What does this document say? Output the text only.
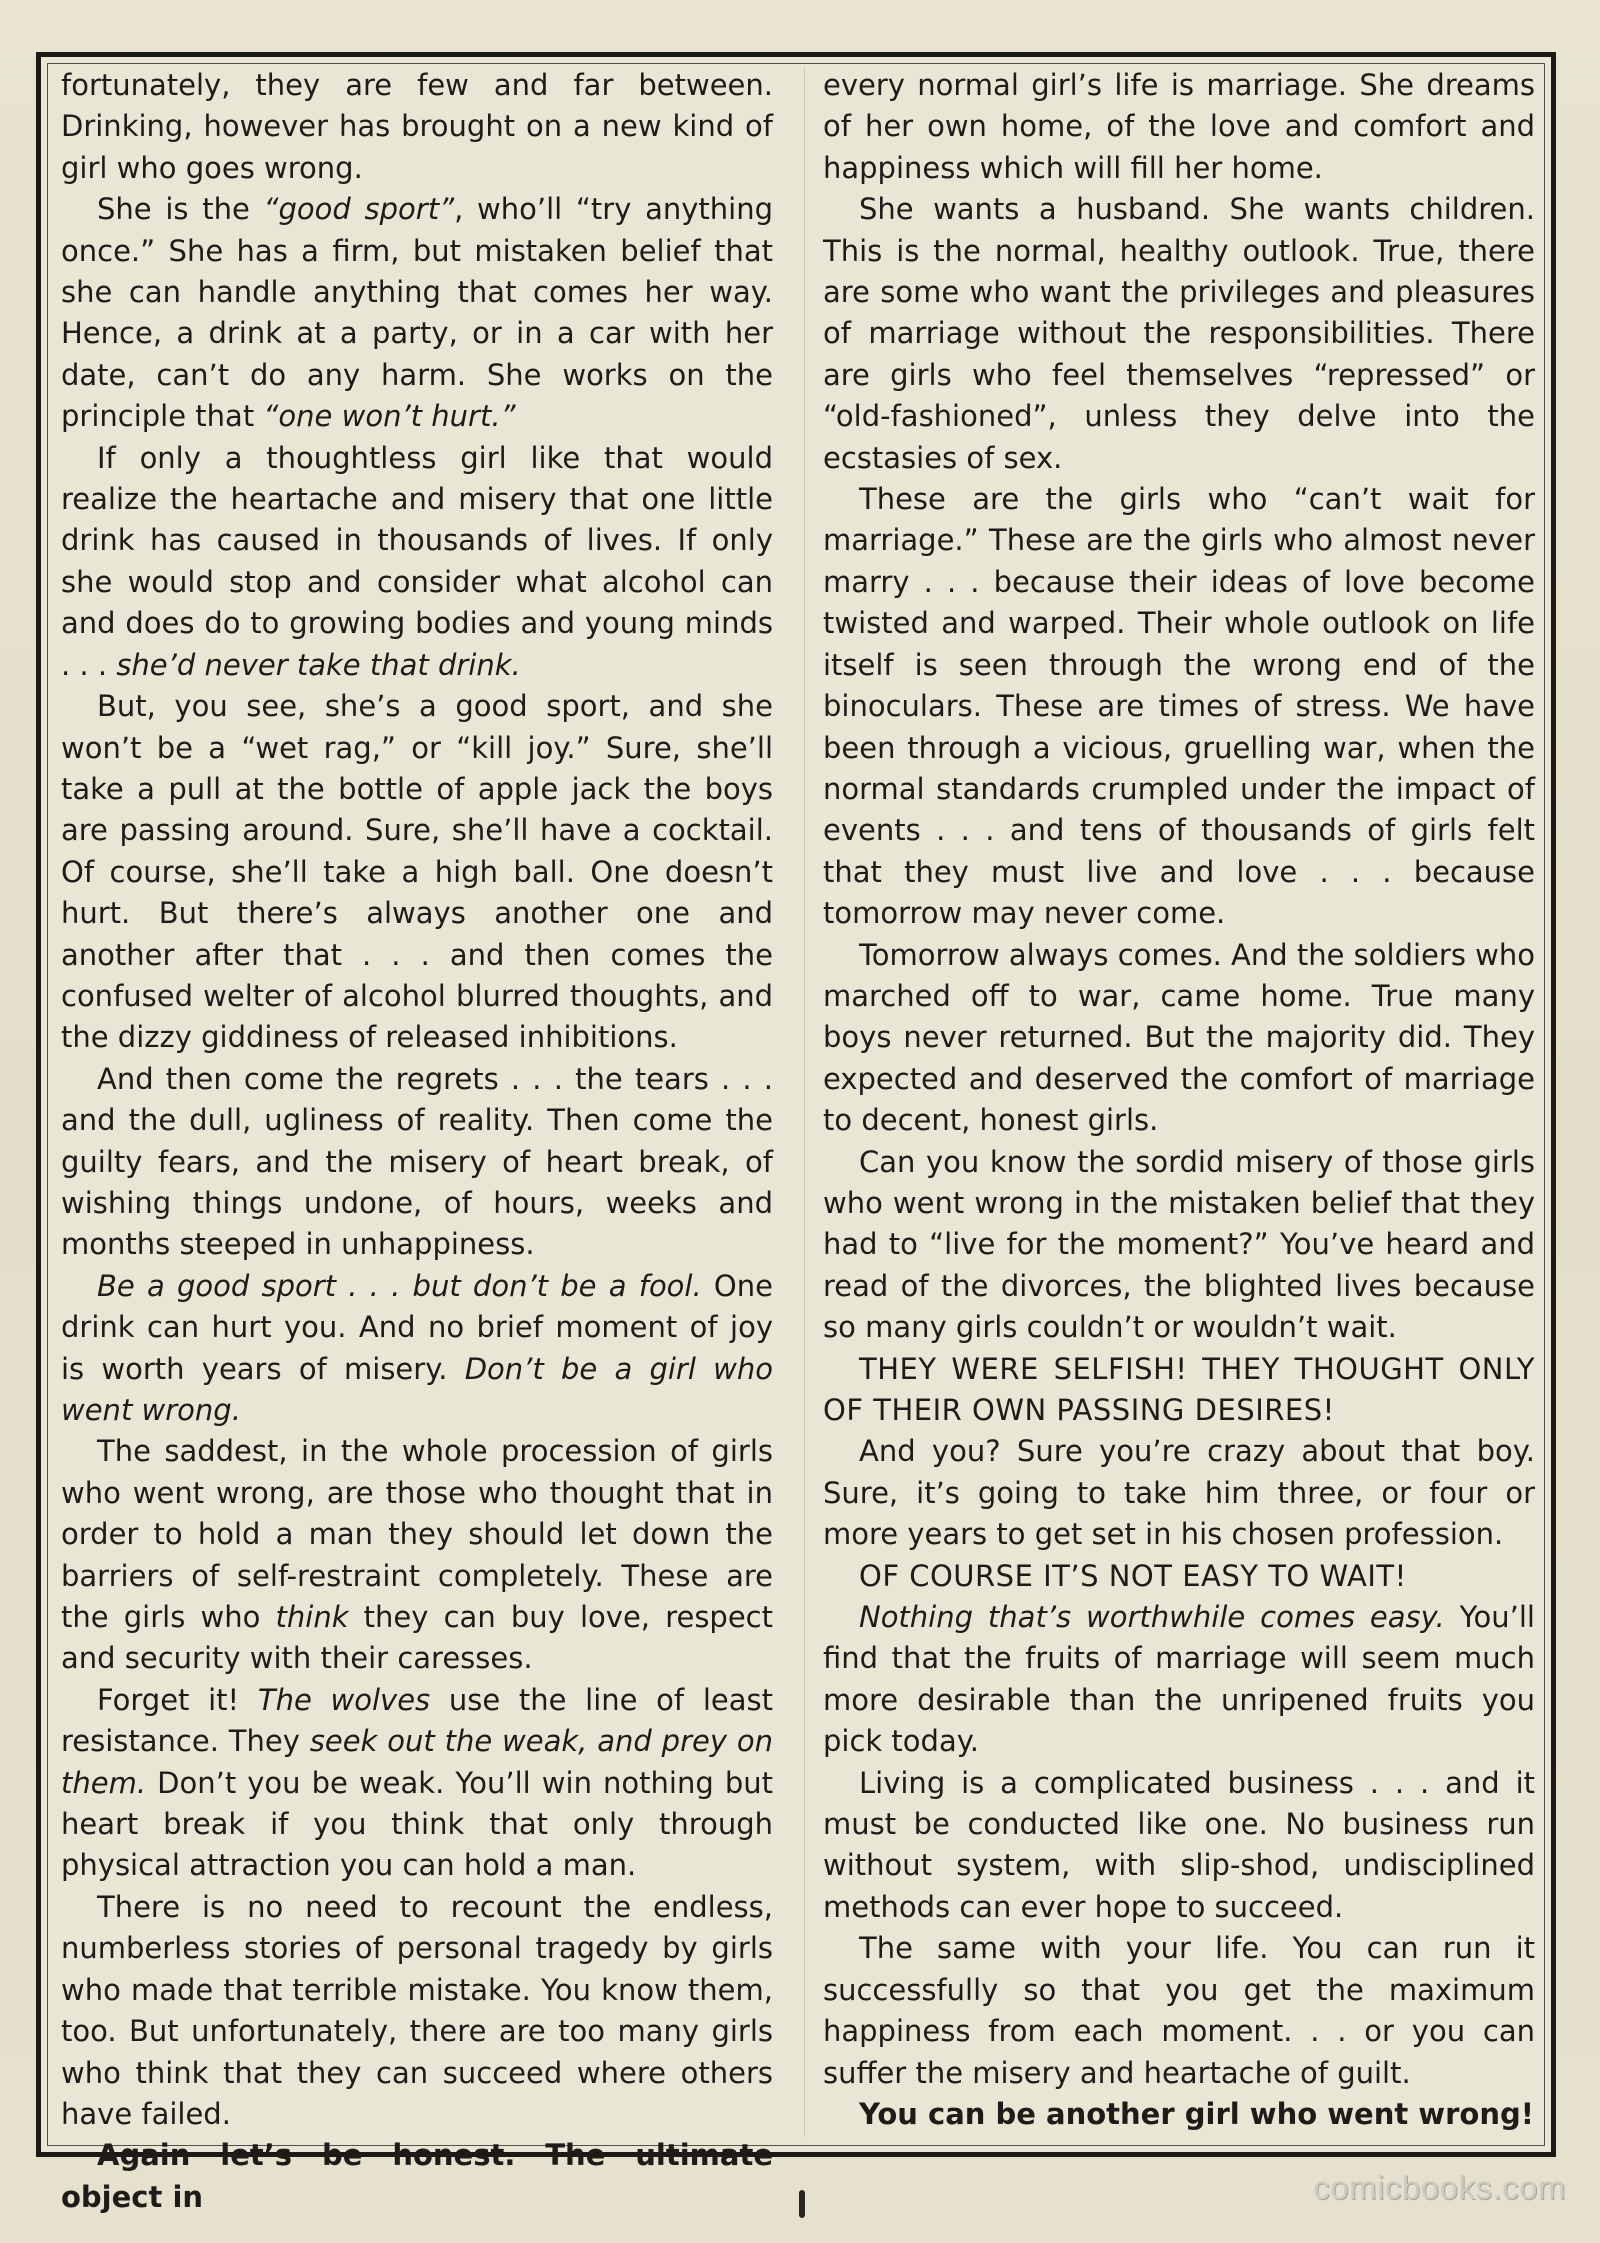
fortunately, they are few and far between. Drinking, however has brought on a new kind of girl who goes wrong.

She is the “good sport”, who’ll “try anything once.” She has a firm, but mistaken belief that she can handle anything that comes her way. Hence, a drink at a party, or in a car with her date, can’t do any harm. She works on the principle that “one won’t hurt.”

If only a thoughtless girl like that would realize the heartache and misery that one little drink has caused in thousands of lives. If only she would stop and consider what alcohol can and does do to growing bodies and young minds . . . she’d never take that drink.

But, you see, she’s a good sport, and she won’t be a “wet rag,” or “kill joy.” Sure, she’ll take a pull at the bottle of apple jack the boys are passing around. Sure, she’ll have a cocktail. Of course, she’ll take a high ball. One doesn’t hurt. But there’s always another one and another after that . . . and then comes the confused welter of alcohol blurred thoughts, and the dizzy giddiness of released inhibitions.

And then come the regrets . . . the tears . . . and the dull, ugliness of reality. Then come the guilty fears, and the misery of heart break, of wishing things undone, of hours, weeks and months steeped in unhappiness.

Be a good sport . . . but don’t be a fool. One drink can hurt you. And no brief moment of joy is worth years of misery. Don’t be a girl who went wrong.

The saddest, in the whole procession of girls who went wrong, are those who thought that in order to hold a man they should let down the barriers of self-restraint completely. These are the girls who think they can buy love, respect and security with their caresses.

Forget it! The wolves use the line of least resistance. They seek out the weak, and prey on them. Don’t you be weak. You’ll win nothing but heart break if you think that only through physical attraction you can hold a man.

There is no need to recount the endless, numberless stories of personal tragedy by girls who made that terrible mistake. You know them, too. But unfortunately, there are too many girls who think that they can succeed where others have failed.

Again let’s be honest. The ultimate object in

every normal girl’s life is marriage. She dreams of her own home, of the love and comfort and happiness which will fill her home.

She wants a husband. She wants children. This is the normal, healthy outlook. True, there are some who want the privileges and pleasures of marriage without the responsibilities. There are girls who feel themselves “repressed” or “old-fashioned”, unless they delve into the ecstasies of sex.

These are the girls who “can’t wait for marriage.” These are the girls who almost never marry . . . because their ideas of love become twisted and warped. Their whole outlook on life itself is seen through the wrong end of the binoculars. These are times of stress. We have been through a vicious, gruelling war, when the normal standards crumpled under the impact of events . . . and tens of thousands of girls felt that they must live and love . . . because tomorrow may never come.

Tomorrow always comes. And the soldiers who marched off to war, came home. True many boys never returned. But the majority did. They expected and deserved the comfort of marriage to decent, honest girls.

Can you know the sordid misery of those girls who went wrong in the mistaken belief that they had to “live for the moment?” You’ve heard and read of the divorces, the blighted lives because so many girls couldn’t or wouldn’t wait.

THEY WERE SELFISH! THEY THOUGHT ONLY OF THEIR OWN PASSING DESIRES!

And you? Sure you’re crazy about that boy. Sure, it’s going to take him three, or four or more years to get set in his chosen profession.

OF COURSE IT’S NOT EASY TO WAIT!

Nothing that’s worthwhile comes easy. You’ll find that the fruits of marriage will seem much more desirable than the unripened fruits you pick today.

Living is a complicated business . . . and it must be conducted like one. No business run without system, with slip-shod, undisciplined methods can ever hope to succeed.

The same with your life. You can run it successfully so that you get the maximum happiness from each moment. . . or you can suffer the misery and heartache of guilt.

You can be another girl who went wrong!

comicbooks.com
